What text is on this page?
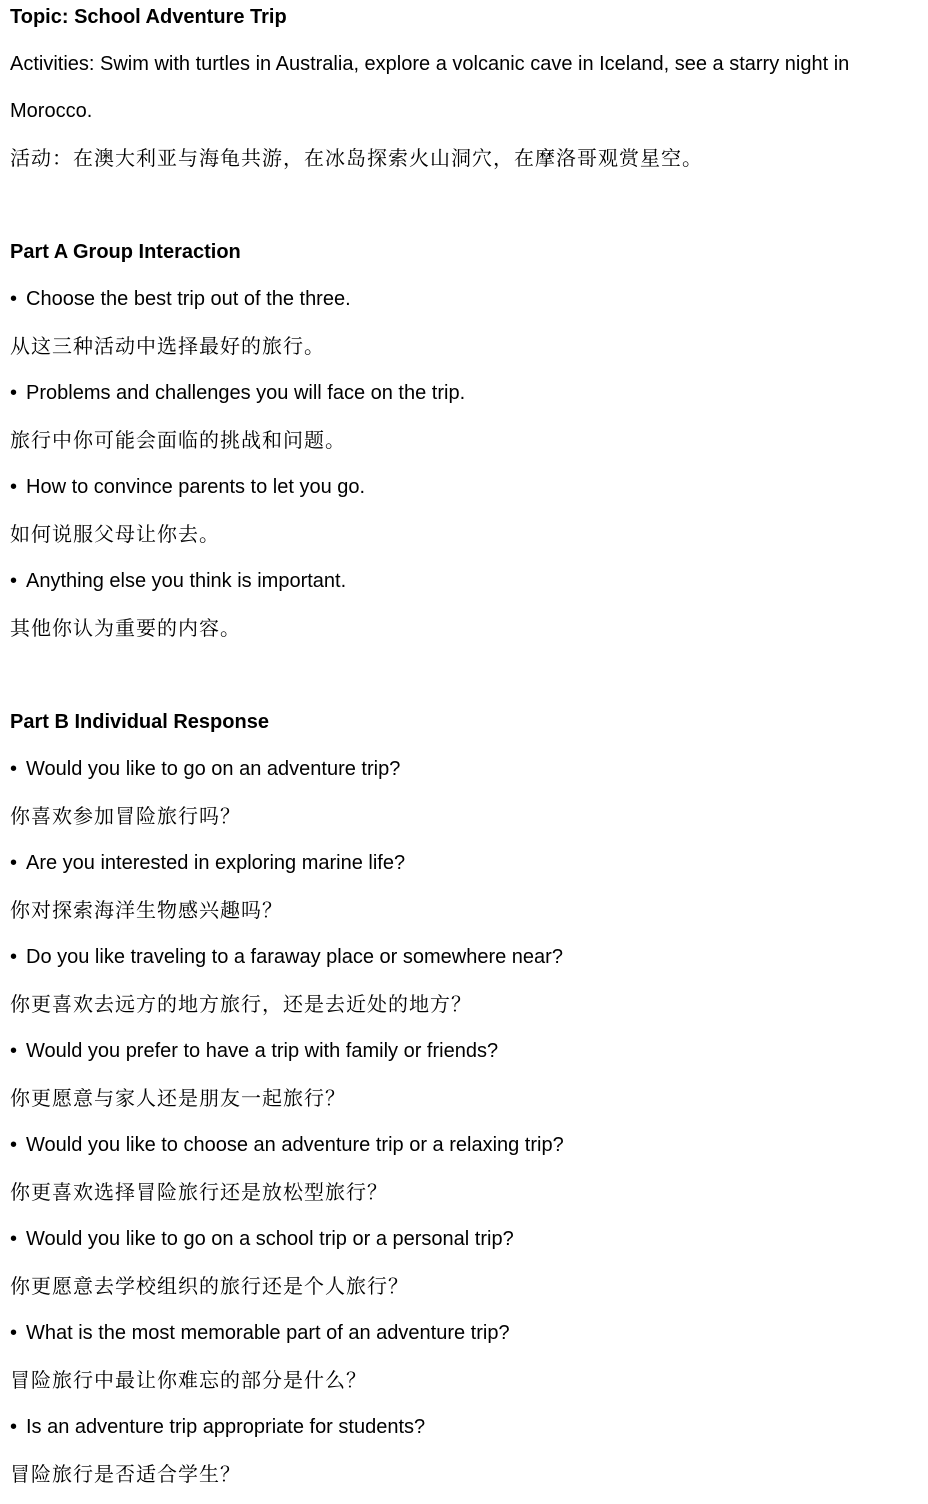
Topic: School Adventure Trip
Activities: Swim with turtles in Australia, explore a volcanic cave in Iceland, see a starry night in
Morocco.
活动：在澳大利亚与海龟共游，在冰岛探索火山洞穴，在摩洛哥观赏星空。
Part A Group Interaction
• Choose the best trip out of the three.
从这三种活动中选择最好的旅行。
• Problems and challenges you will face on the trip.
旅行中你可能会面临的挑战和问题。
• How to convince parents to let you go.
如何说服父母让你去。
• Anything else you think is important.
其他你认为重要的内容。
Part B Individual Response
• Would you like to go on an adventure trip?
你喜欢参加冒险旅行吗？
• Are you interested in exploring marine life?
你对探索海洋生物感兴趣吗？
• Do you like traveling to a faraway place or somewhere near?
你更喜欢去远方的地方旅行，还是去近处的地方？
• Would you prefer to have a trip with family or friends?
你更愿意与家人还是朋友一起旅行？
• Would you like to choose an adventure trip or a relaxing trip?
你更喜欢选择冒险旅行还是放松型旅行？
• Would you like to go on a school trip or a personal trip?
你更愿意去学校组织的旅行还是个人旅行？
• What is the most memorable part of an adventure trip?
冒险旅行中最让你难忘的部分是什么？
• Is an adventure trip appropriate for students?
冒险旅行是否适合学生？
